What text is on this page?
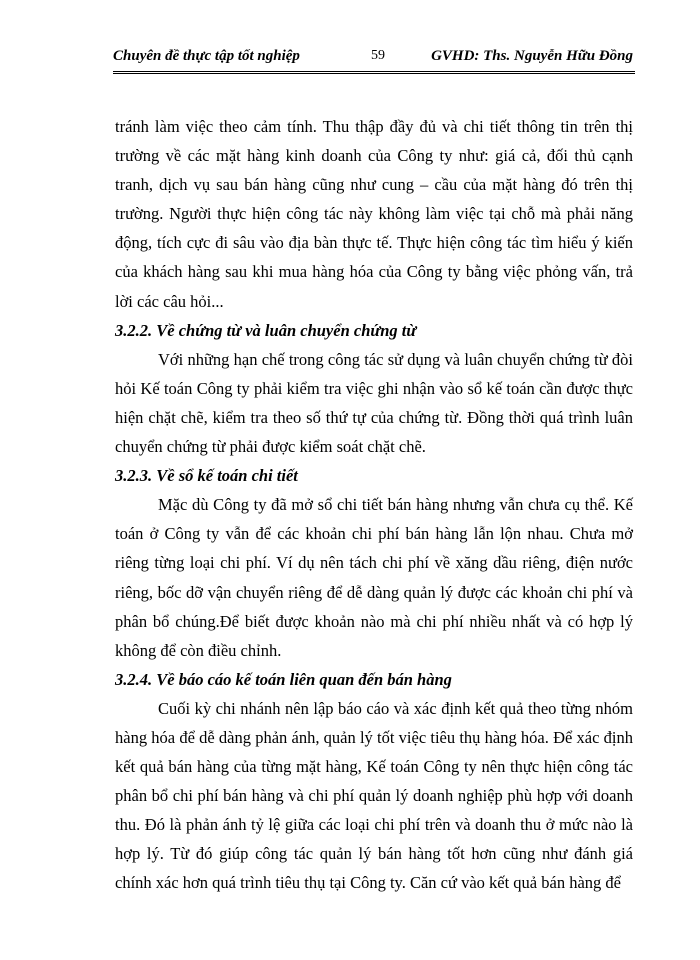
Chuyên đề thực tập tốt nghiệp	59	GVHD: Ths. Nguyễn Hữu Đồng

tránh làm việc theo cảm tính. Thu thập đầy đủ và chi tiết thông tin trên thị trường về các mặt hàng kinh doanh của Công ty như: giá cả, đối thủ cạnh tranh, dịch vụ sau bán hàng cũng như cung – cầu của mặt hàng đó trên thị trường. Người thực hiện công tác này không làm việc tại chỗ mà phải năng động, tích cực đi sâu vào địa bàn thực tế. Thực hiện công tác tìm hiểu ý kiến của khách hàng sau khi mua hàng hóa của Công ty bằng việc phỏng vấn, trả lời các câu hỏi...

3.2.2. Về chứng từ và luân chuyển chứng từ

Với những hạn chế trong công tác sử dụng và luân chuyển chứng từ đòi hỏi Kế toán Công ty phải kiểm tra việc ghi nhận vào sổ kế toán cần được thực hiện chặt chẽ, kiểm tra theo số thứ tự của chứng từ. Đồng thời quá trình luân chuyển chứng từ phải được kiểm soát chặt chẽ.

3.2.3. Về sổ kế toán chi tiết

Mặc dù Công ty đã mở sổ chi tiết bán hàng nhưng vẫn chưa cụ thể. Kế toán ở Công ty vẫn để các khoản chi phí bán hàng lẫn lộn nhau. Chưa mở riêng từng loại chi phí. Ví dụ nên tách chi phí về xăng dầu riêng, điện nước riêng, bốc dỡ vận chuyển riêng để dễ dàng quản lý được các khoản chi phí và phân bổ chúng.Để biết được khoản nào mà chi phí nhiều nhất và có hợp lý không để còn điều chỉnh.

3.2.4. Về báo cáo kế toán liên quan đến bán hàng

Cuối kỳ chi nhánh nên lập báo cáo và xác định kết quả theo từng nhóm hàng hóa để dễ dàng phản ánh, quản lý tốt việc tiêu thụ hàng hóa. Để xác định kết quả bán hàng của từng mặt hàng, Kế toán Công ty nên thực hiện công tác phân bổ chi phí bán hàng và chi phí quản lý doanh nghiệp phù hợp với doanh thu. Đó là phản ánh tỷ lệ giữa các loại chi phí trên và doanh thu ở mức nào là hợp lý. Từ đó giúp công tác quản lý bán hàng tốt hơn cũng như đánh giá chính xác hơn quá trình tiêu thụ tại Công ty. Căn cứ vào kết quả bán hàng để
